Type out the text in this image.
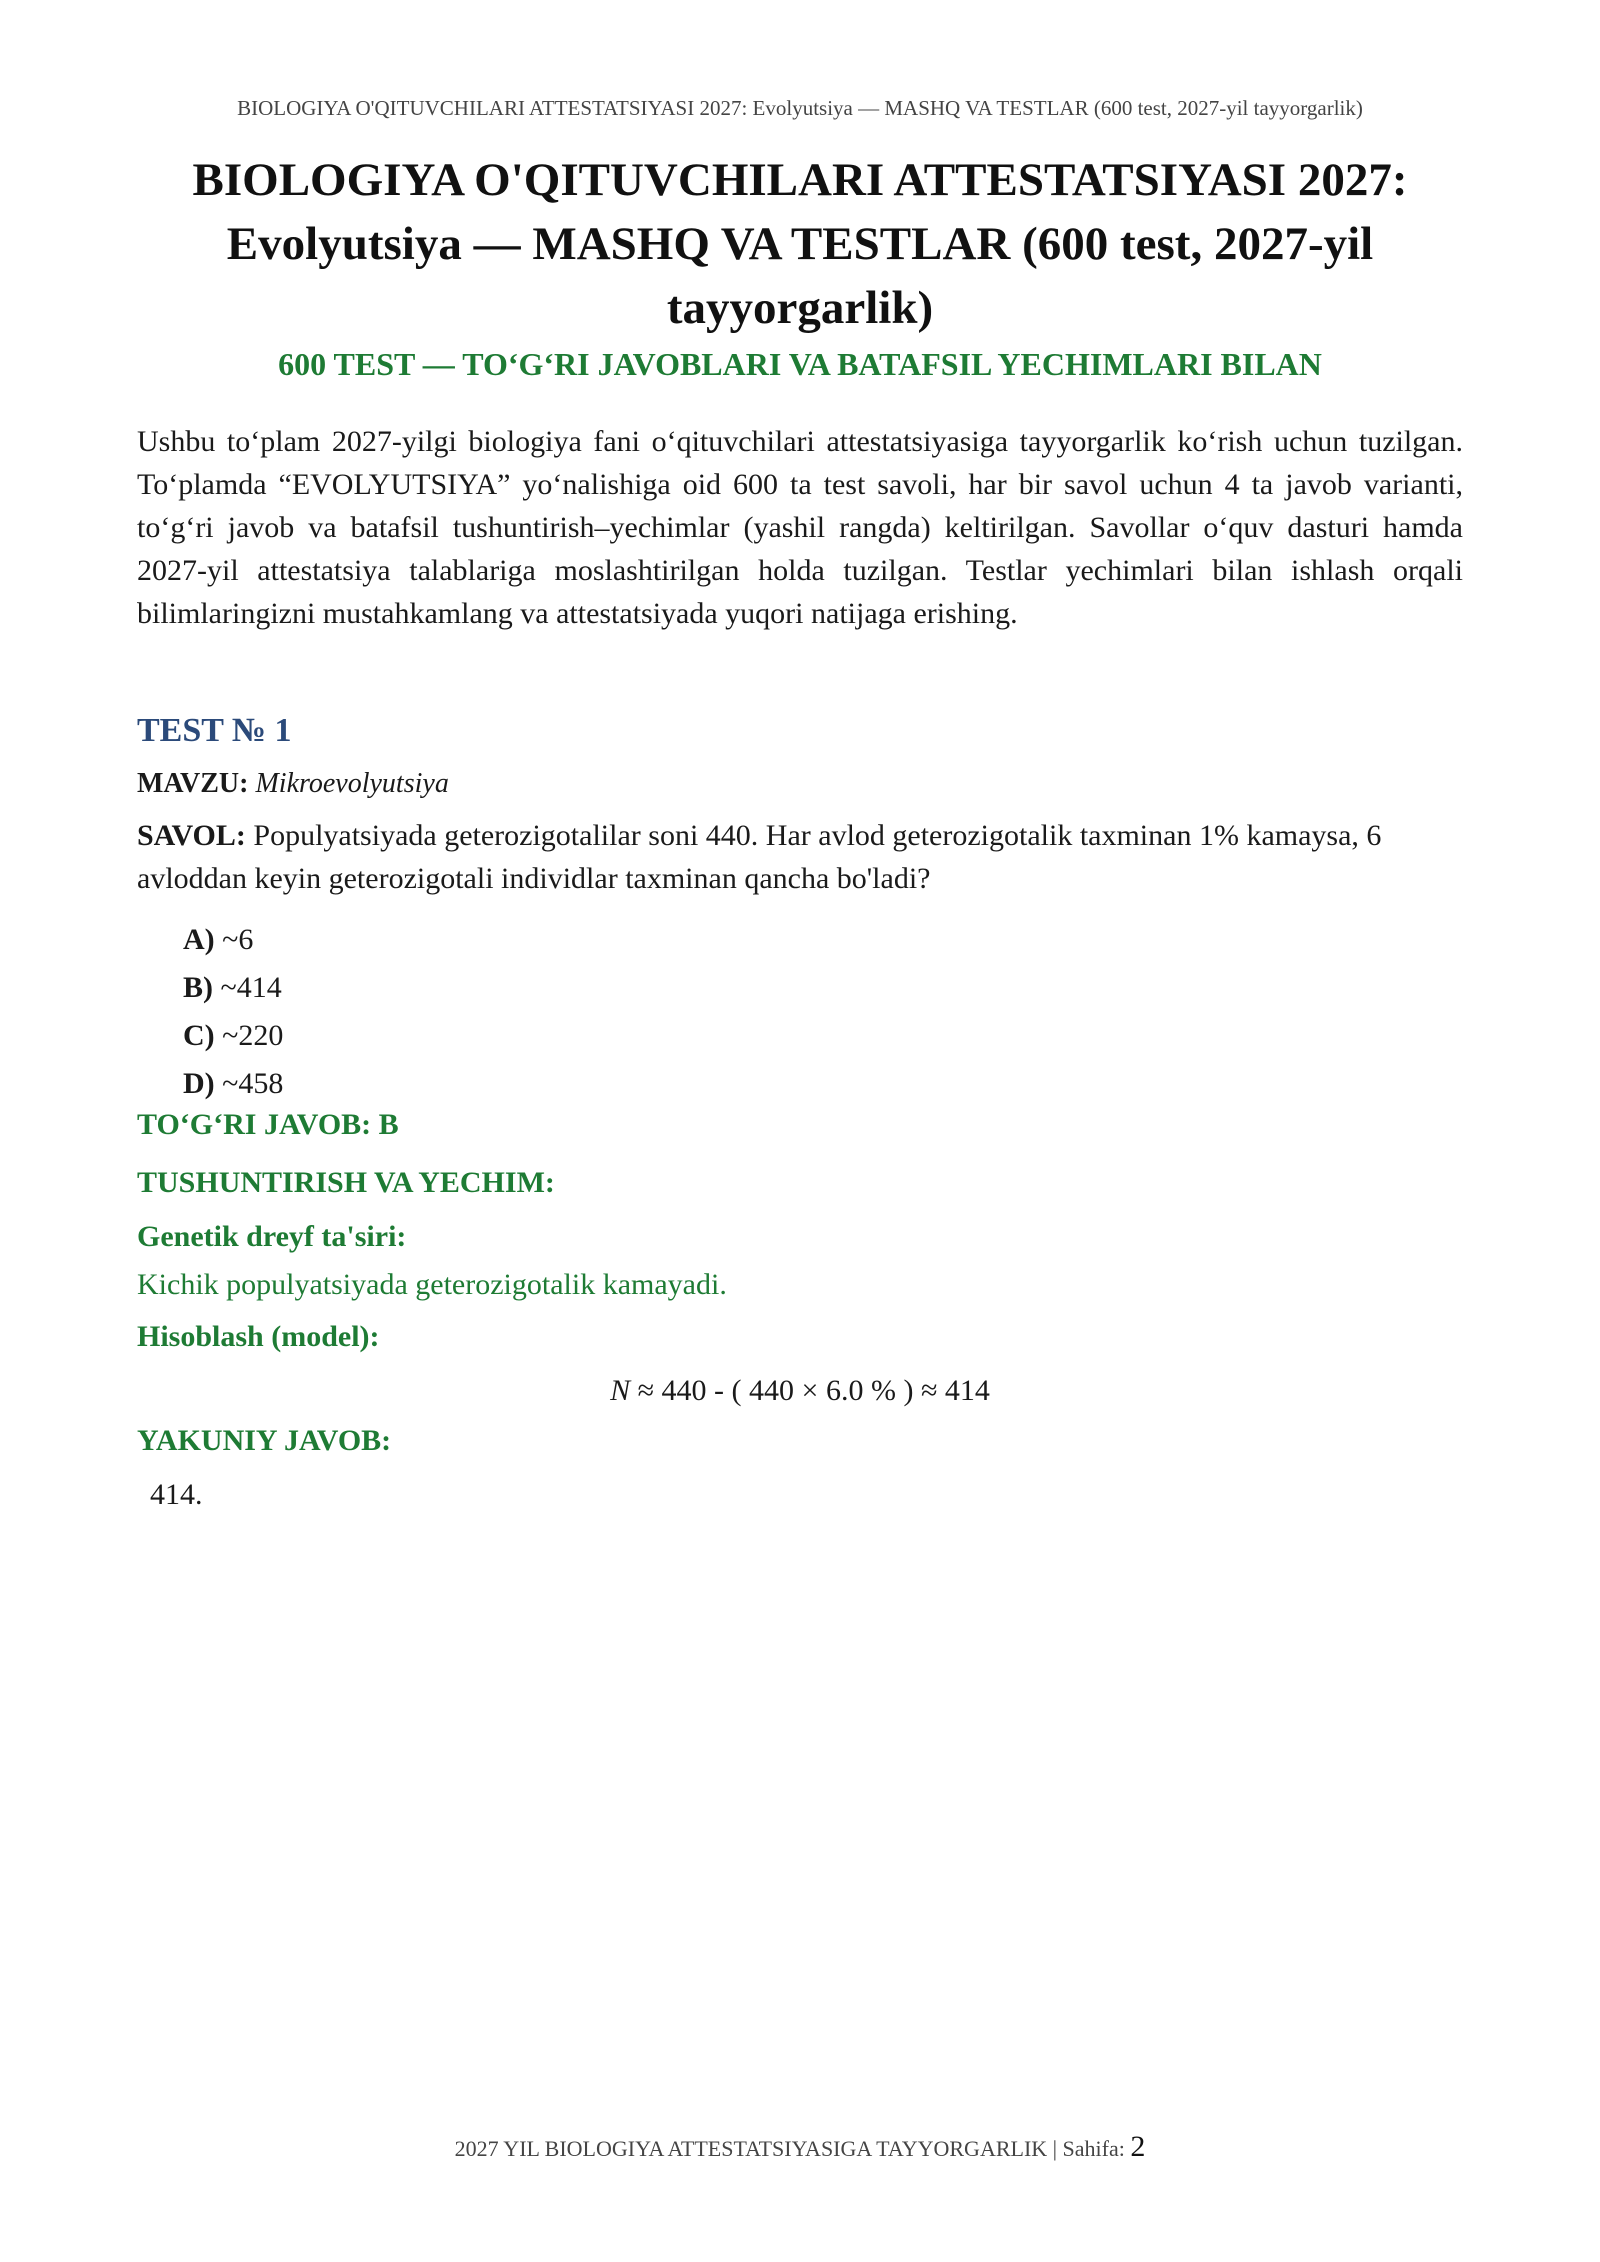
BIOLOGIYA O'QITUVCHILARI ATTESTATSIYASI 2027: Evolyutsiya — MASHQ VA TESTLAR (600 test, 2027-yil tayyorgarlik)
BIOLOGIYA O'QITUVCHILARI ATTESTATSIYASI 2027:
Evolyutsiya — MASHQ VA TESTLAR (600 test, 2027-yil
tayyorgarlik)
600 TEST — TO‘G‘RI JAVOBLARI VA BATAFSIL YECHIMLARI BILAN

Ushbu to‘plam 2027-yilgi biologiya fani o‘qituvchilari attestatsiyasiga tayyorgarlik ko‘rish uchun tuzilgan. To‘plamda “EVOLYUTSIYA” yo‘nalishiga oid 600 ta test savoli, har bir savol uchun 4 ta javob varianti, to‘g‘ri javob va batafsil tushuntirish–yechimlar (yashil rangda) keltirilgan. Savollar o‘quv dasturi hamda 2027-yil attestatsiya talablariga moslashtirilgan holda tuzilgan. Testlar yechimlari bilan ishlash orqali bilimlaringizni mustahkamlang va attestatsiyada yuqori natijaga erishing.

TEST № 1
MAVZU: Mikroevolyutsiya
SAVOL: Populyatsiyada geterozigotalilar soni 440. Har avlod geterozigotalik taxminan 1% kamaysa, 6 avloddan keyin geterozigotali individlar taxminan qancha bo'ladi?
A) ~6
B) ~414
C) ~220
D) ~458
TO‘G‘RI JAVOB: B
TUSHUNTIRISH VA YECHIM:
Genetik dreyf ta'siri:
Kichik populyatsiyada geterozigotalik kamayadi.
Hisoblash (model):
N ≈ 440 - ( 440 × 6.0 % ) ≈ 414
YAKUNIY JAVOB:
414.
2027 YIL BIOLOGIYA ATTESTATSIYASIGA TAYYORGARLIK | Sahifa: 2
